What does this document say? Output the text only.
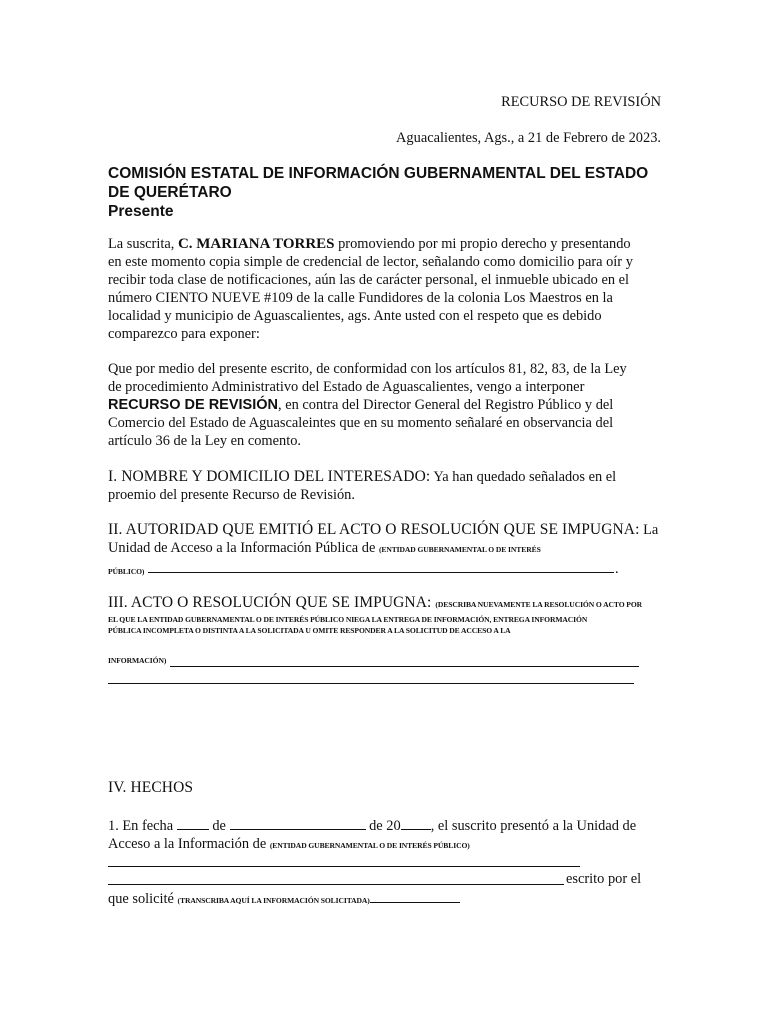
RECURSO DE REVISIÓN

Aguacalientes, Ags., a 21 de Febrero de 2023.

COMISIÓN ESTATAL DE INFORMACIÓN GUBERNAMENTAL DEL ESTADO
DE QUERÉTARO
Presente
La suscrita, C. MARIANA TORRES promoviendo por mi propio derecho y presentando
en este momento copia simple de credencial de lector, señalando como domicilio para oír y
recibir toda clase de notificaciones, aún las de carácter personal, el inmueble ubicado en el
número CIENTO NUEVE #109 de la calle Fundidores de la colonia Los Maestros en la
localidad y municipio de Aguascalientes, ags. Ante usted con el respeto que es debido
comparezco para exponer:
Que por medio del presente escrito, de conformidad con los artículos 81, 82, 83, de la Ley
de procedimiento Administrativo del Estado de Aguascalientes, vengo a interponer
RECURSO DE REVISIÓN, en contra del Director General del Registro Público y del
Comercio del Estado de Aguascaleintes que en su momento señalaré en observancia del
artículo 36 de la Ley en comento.
I. NOMBRE Y DOMICILIO DEL INTERESADO: Ya han quedado señalados en el
proemio del presente Recurso de Revisión.
II. AUTORIDAD QUE EMITIÓ EL ACTO O RESOLUCIÓN QUE SE IMPUGNA: La
Unidad de Acceso a la Información Pública de (ENTIDAD GUBERNAMENTAL O DE INTERÉS
PÚBLICO)	.
III. ACTO O RESOLUCIÓN QUE SE IMPUGNA: (DESCRIBA NUEVAMENTE LA RESOLUCIÓN O ACTO POR
EL QUE LA ENTIDAD GUBERNAMENTAL O DE INTERÉS PÚBLICO NIEGA LA ENTREGA DE INFORMACIÓN, ENTREGA INFORMACIÓN
PÚBLICA INCOMPLETA O DISTINTA A LA SOLICITADA U OMITE RESPONDER A LA SOLICITUD DE ACCESO A LA
INFORMACIÓN)

IV. HECHOS

1. En fecha  de	de 20 , el suscrito presentó a la Unidad de
Acceso a la Información de (ENTIDAD GUBERNAMENTAL O DE INTERÉS PÚBLICO)

escrito por el

que solicité (TRANSCRIBA AQUÍ LA INFORMACIÓN SOLICITADA)
